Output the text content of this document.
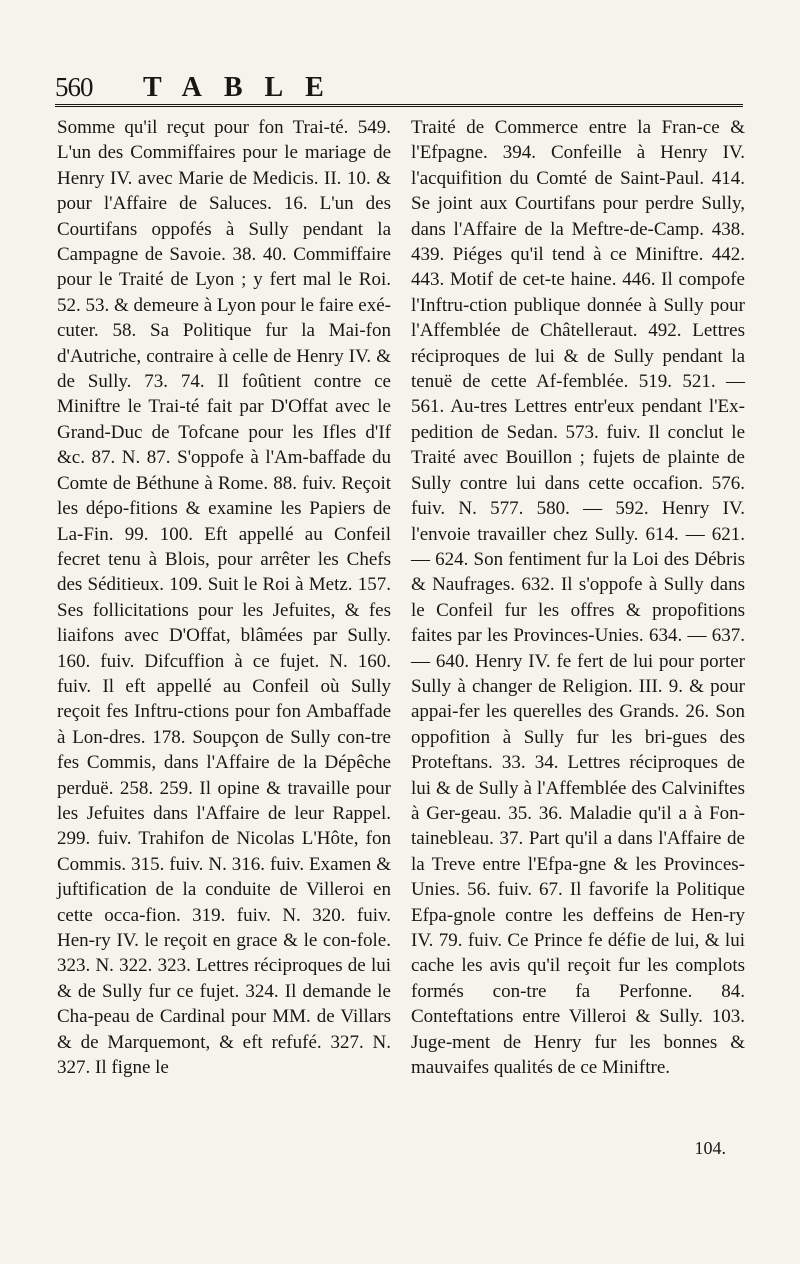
560 TABLE

Somme qu'il reçut pour fon Trai-té. 549. L'un des Commiffaires pour le mariage de Henry IV. avec Marie de Medicis. II. 10. & pour l'Affaire de Saluces. 16. L'un des Courtifans oppofés à Sully pendant la Campagne de Savoie. 38. 40. Commiffaire pour le Traité de Lyon ; y fert mal le Roi. 52. 53. & demeure à Lyon pour le faire exé-cuter. 58. Sa Politique fur la Mai-fon d'Autriche, contraire à celle de Henry IV. & de Sully. 73. 74. Il foûtient contre ce Miniftre le Trai-té fait par D'Offat avec le Grand-Duc de Tofcane pour les Ifles d'If &c. 87. N. 87. S'oppofe à l'Am-baffade du Comte de Béthune à Rome. 88. fuiv. Reçoit les dépo-fitions & examine les Papiers de La-Fin. 99. 100. Eft appellé au Confeil fecret tenu à Blois, pour arrêter les Chefs des Séditieux. 109. Suit le Roi à Metz. 157. Ses follicitations pour les Jefuites, & fes liaifons avec D'Offat, blâmées par Sully. 160. fuiv. Difcuffion à ce fujet. N. 160. fuiv. Il eft appellé au Confeil où Sully reçoit fes Inftru-ctions pour fon Ambaffade à Lon-dres. 178. Soupçon de Sully con-tre fes Commis, dans l'Affaire de la Dépêche perduë. 258. 259. Il opine & travaille pour les Jefuites dans l'Affaire de leur Rappel. 299. fuiv. Trahifon de Nicolas L'Hôte, fon Commis. 315. fuiv. N. 316. fuiv. Examen & juftification de la conduite de Villeroi en cette occa-fion. 319. fuiv. N. 320. fuiv. Hen-ry IV. le reçoit en grace & le con-fole. 323. N. 322. 323. Lettres réciproques de lui & de Sully fur ce fujet. 324. Il demande le Cha-peau de Cardinal pour MM. de Villars & de Marquemont, & eft refufé. 327. N. 327. Il figne le

Traité de Commerce entre la Fran-ce & l'Efpagne. 394. Confeille à Henry IV. l'acquifition du Comté de Saint-Paul. 414. Se joint aux Courtifans pour perdre Sully, dans l'Affaire de la Meftre-de-Camp. 438. 439. Piéges qu'il tend à ce Miniftre. 442. 443. Motif de cet-te haine. 446. Il compofe l'Inftru-ction publique donnée à Sully pour l'Affemblée de Châtelleraut. 492. Lettres réciproques de lui & de Sully pendant la tenuë de cette Af-femblée. 519. 521. — 561. Au-tres Lettres entr'eux pendant l'Ex-pedition de Sedan. 573. fuiv. Il conclut le Traité avec Bouillon ; fujets de plainte de Sully contre lui dans cette occafion. 576. fuiv. N. 577. 580. — 592. Henry IV. l'envoie travailler chez Sully. 614. — 621. — 624. Son fentiment fur la Loi des Débris & Naufrages. 632. Il s'oppofe à Sully dans le Confeil fur les offres & propofitions faites par les Provinces-Unies. 634. — 637. — 640. Henry IV. fe fert de lui pour porter Sully à changer de Religion. III. 9. & pour appai-fer les querelles des Grands. 26. Son oppofition à Sully fur les bri-gues des Proteftans. 33. 34. Lettres réciproques de lui & de Sully à l'Affemblée des Calviniftes à Ger-geau. 35. 36. Maladie qu'il a à Fon-tainebleau. 37. Part qu'il a dans l'Affaire de la Treve entre l'Efpa-gne & les Provinces-Unies. 56. fuiv. 67. Il favorife la Politique Efpa-gnole contre les deffeins de Hen-ry IV. 79. fuiv. Ce Prince fe défie de lui, & lui cache les avis qu'il reçoit fur les complots formés con-tre fa Perfonne. 84. Conteftations entre Villeroi & Sully. 103. Juge-ment de Henry fur les bonnes & mauvaifes qualités de ce Miniftre.

104.
